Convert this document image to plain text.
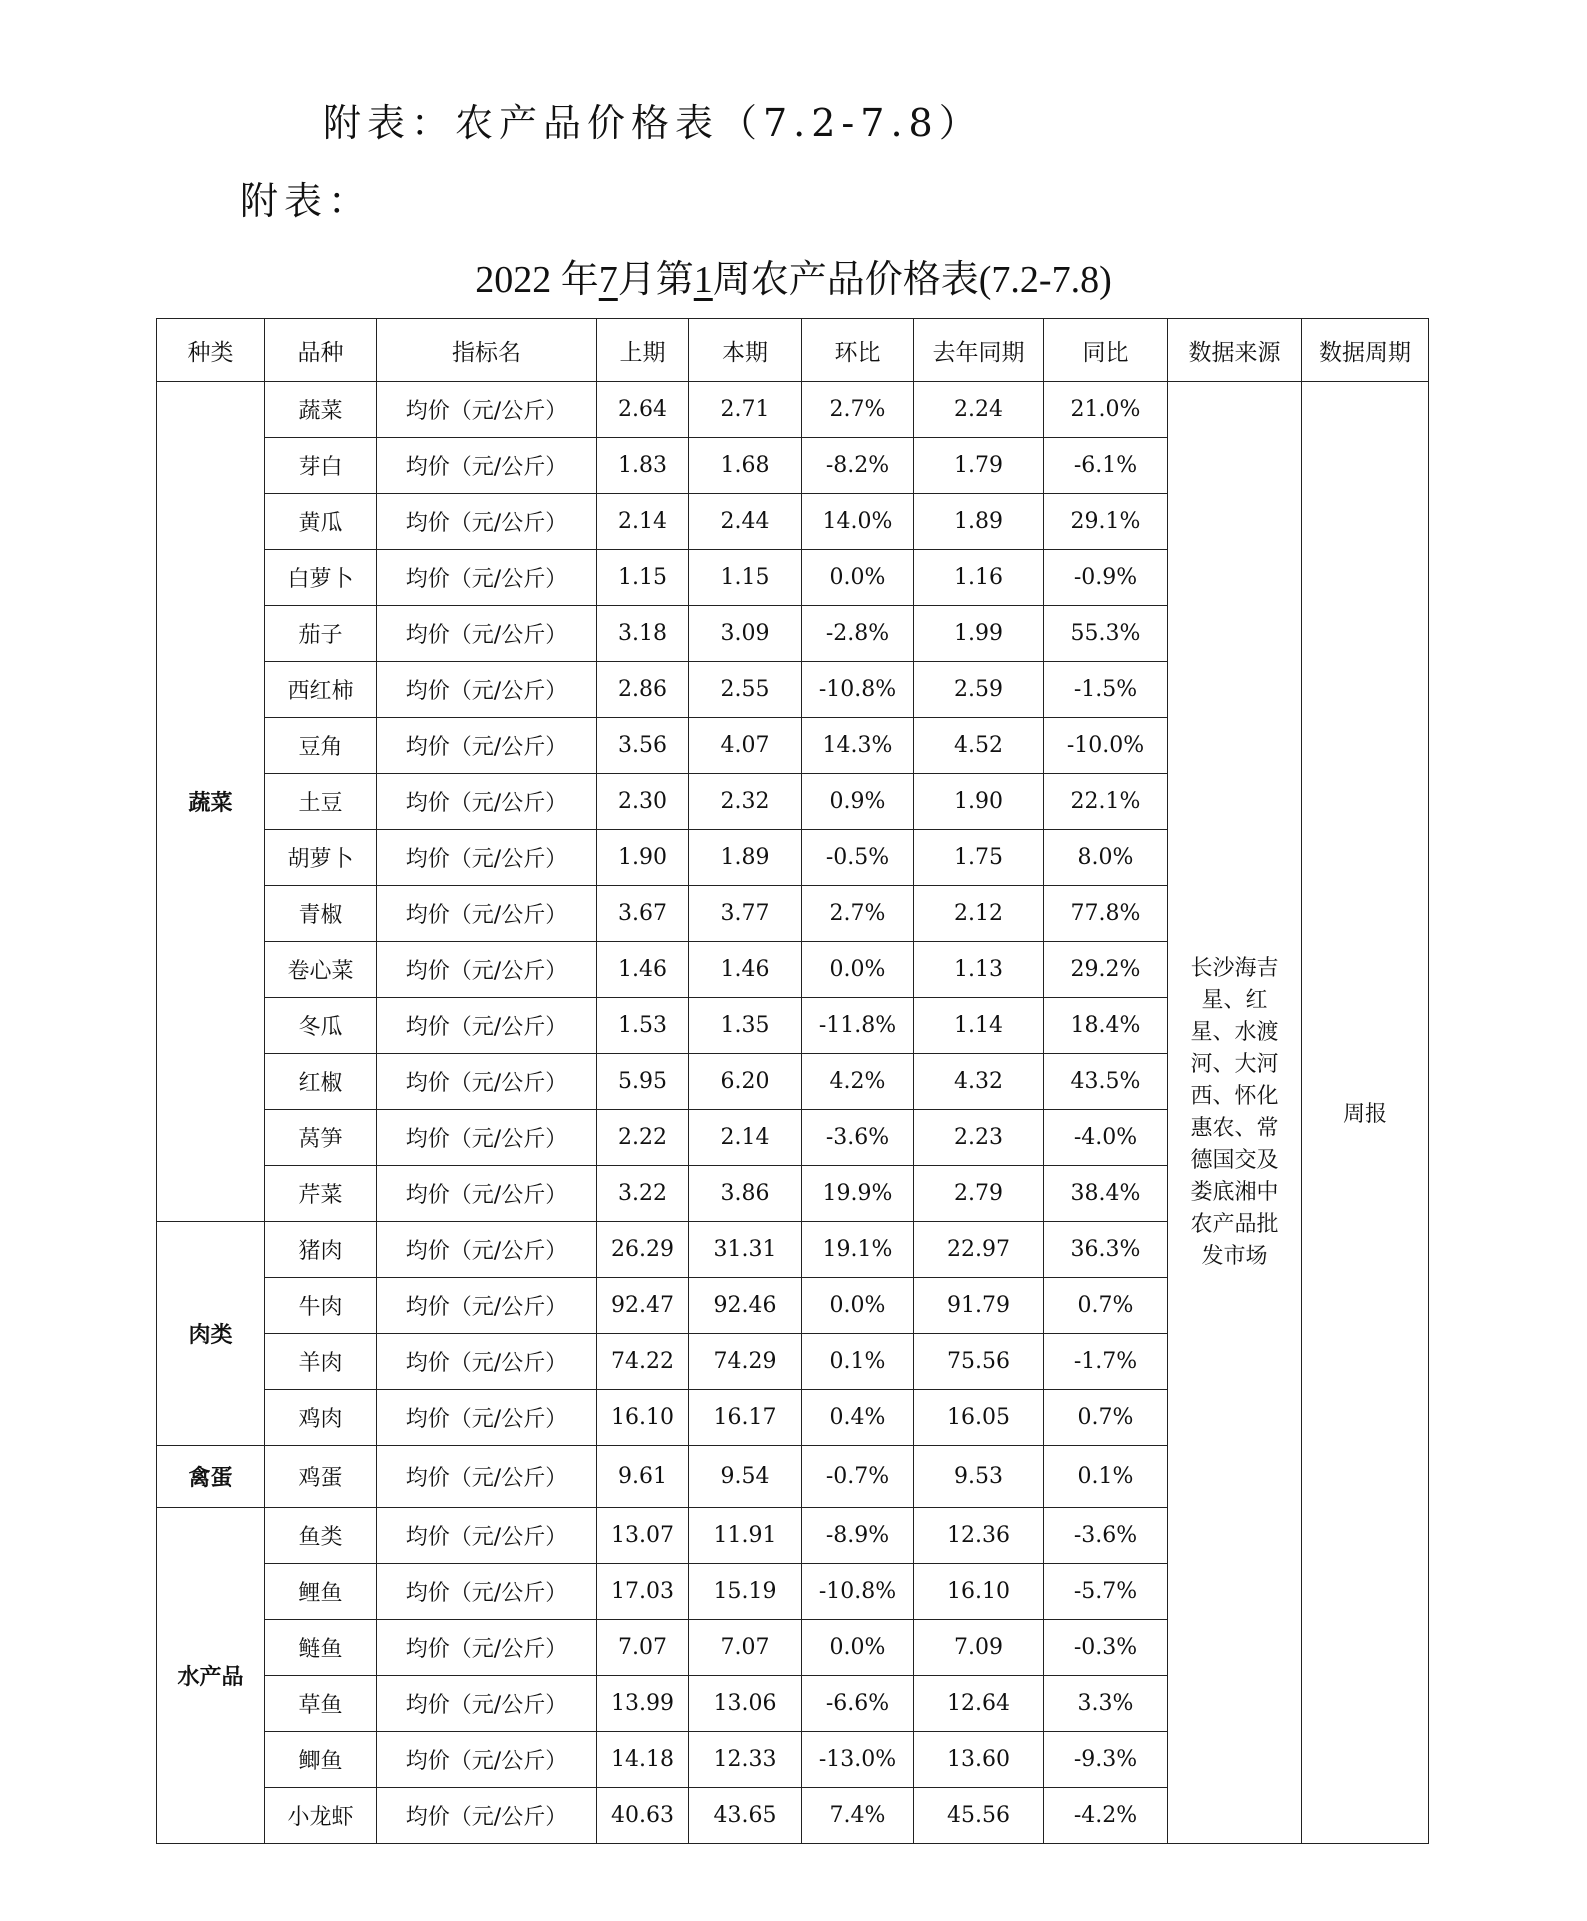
附表：农产品价格表（7.2-7.8）
附表：
2022 年7月第1周农产品价格表(7.2-7.8)
种类	品种	指标名	上期	本期	环比	去年同期	同比	数据来源	数据周期
蔬菜	蔬菜	均价（元/公斤）	2.64	2.71	2.7%	2.24	21.0%	长沙海吉星、红星、水渡河、大河西、怀化惠农、常德国交及娄底湘中农产品批发市场	周报
	芽白	均价（元/公斤）	1.83	1.68	-8.2%	1.79	-6.1%		
	黄瓜	均价（元/公斤）	2.14	2.44	14.0%	1.89	29.1%		
	白萝卜	均价（元/公斤）	1.15	1.15	0.0%	1.16	-0.9%		
	茄子	均价（元/公斤）	3.18	3.09	-2.8%	1.99	55.3%		
	西红柿	均价（元/公斤）	2.86	2.55	-10.8%	2.59	-1.5%		
	豆角	均价（元/公斤）	3.56	4.07	14.3%	4.52	-10.0%		
	土豆	均价（元/公斤）	2.30	2.32	0.9%	1.90	22.1%		
	胡萝卜	均价（元/公斤）	1.90	1.89	-0.5%	1.75	8.0%		
	青椒	均价（元/公斤）	3.67	3.77	2.7%	2.12	77.8%		
	卷心菜	均价（元/公斤）	1.46	1.46	0.0%	1.13	29.2%		
	冬瓜	均价（元/公斤）	1.53	1.35	-11.8%	1.14	18.4%		
	红椒	均价（元/公斤）	5.95	6.20	4.2%	4.32	43.5%		
	莴笋	均价（元/公斤）	2.22	2.14	-3.6%	2.23	-4.0%		
	芹菜	均价（元/公斤）	3.22	3.86	19.9%	2.79	38.4%		
肉类	猪肉	均价（元/公斤）	26.29	31.31	19.1%	22.97	36.3%		
	牛肉	均价（元/公斤）	92.47	92.46	0.0%	91.79	0.7%		
	羊肉	均价（元/公斤）	74.22	74.29	0.1%	75.56	-1.7%		
	鸡肉	均价（元/公斤）	16.10	16.17	0.4%	16.05	0.7%		
禽蛋	鸡蛋	均价（元/公斤）	9.61	9.54	-0.7%	9.53	0.1%		
水产品	鱼类	均价（元/公斤）	13.07	11.91	-8.9%	12.36	-3.6%		
	鲤鱼	均价（元/公斤）	17.03	15.19	-10.8%	16.10	-5.7%		
	鲢鱼	均价（元/公斤）	7.07	7.07	0.0%	7.09	-0.3%		
	草鱼	均价（元/公斤）	13.99	13.06	-6.6%	12.64	3.3%		
	鲫鱼	均价（元/公斤）	14.18	12.33	-13.0%	13.60	-9.3%		
	小龙虾	均价（元/公斤）	40.63	43.65	7.4%	45.56	-4.2%		
